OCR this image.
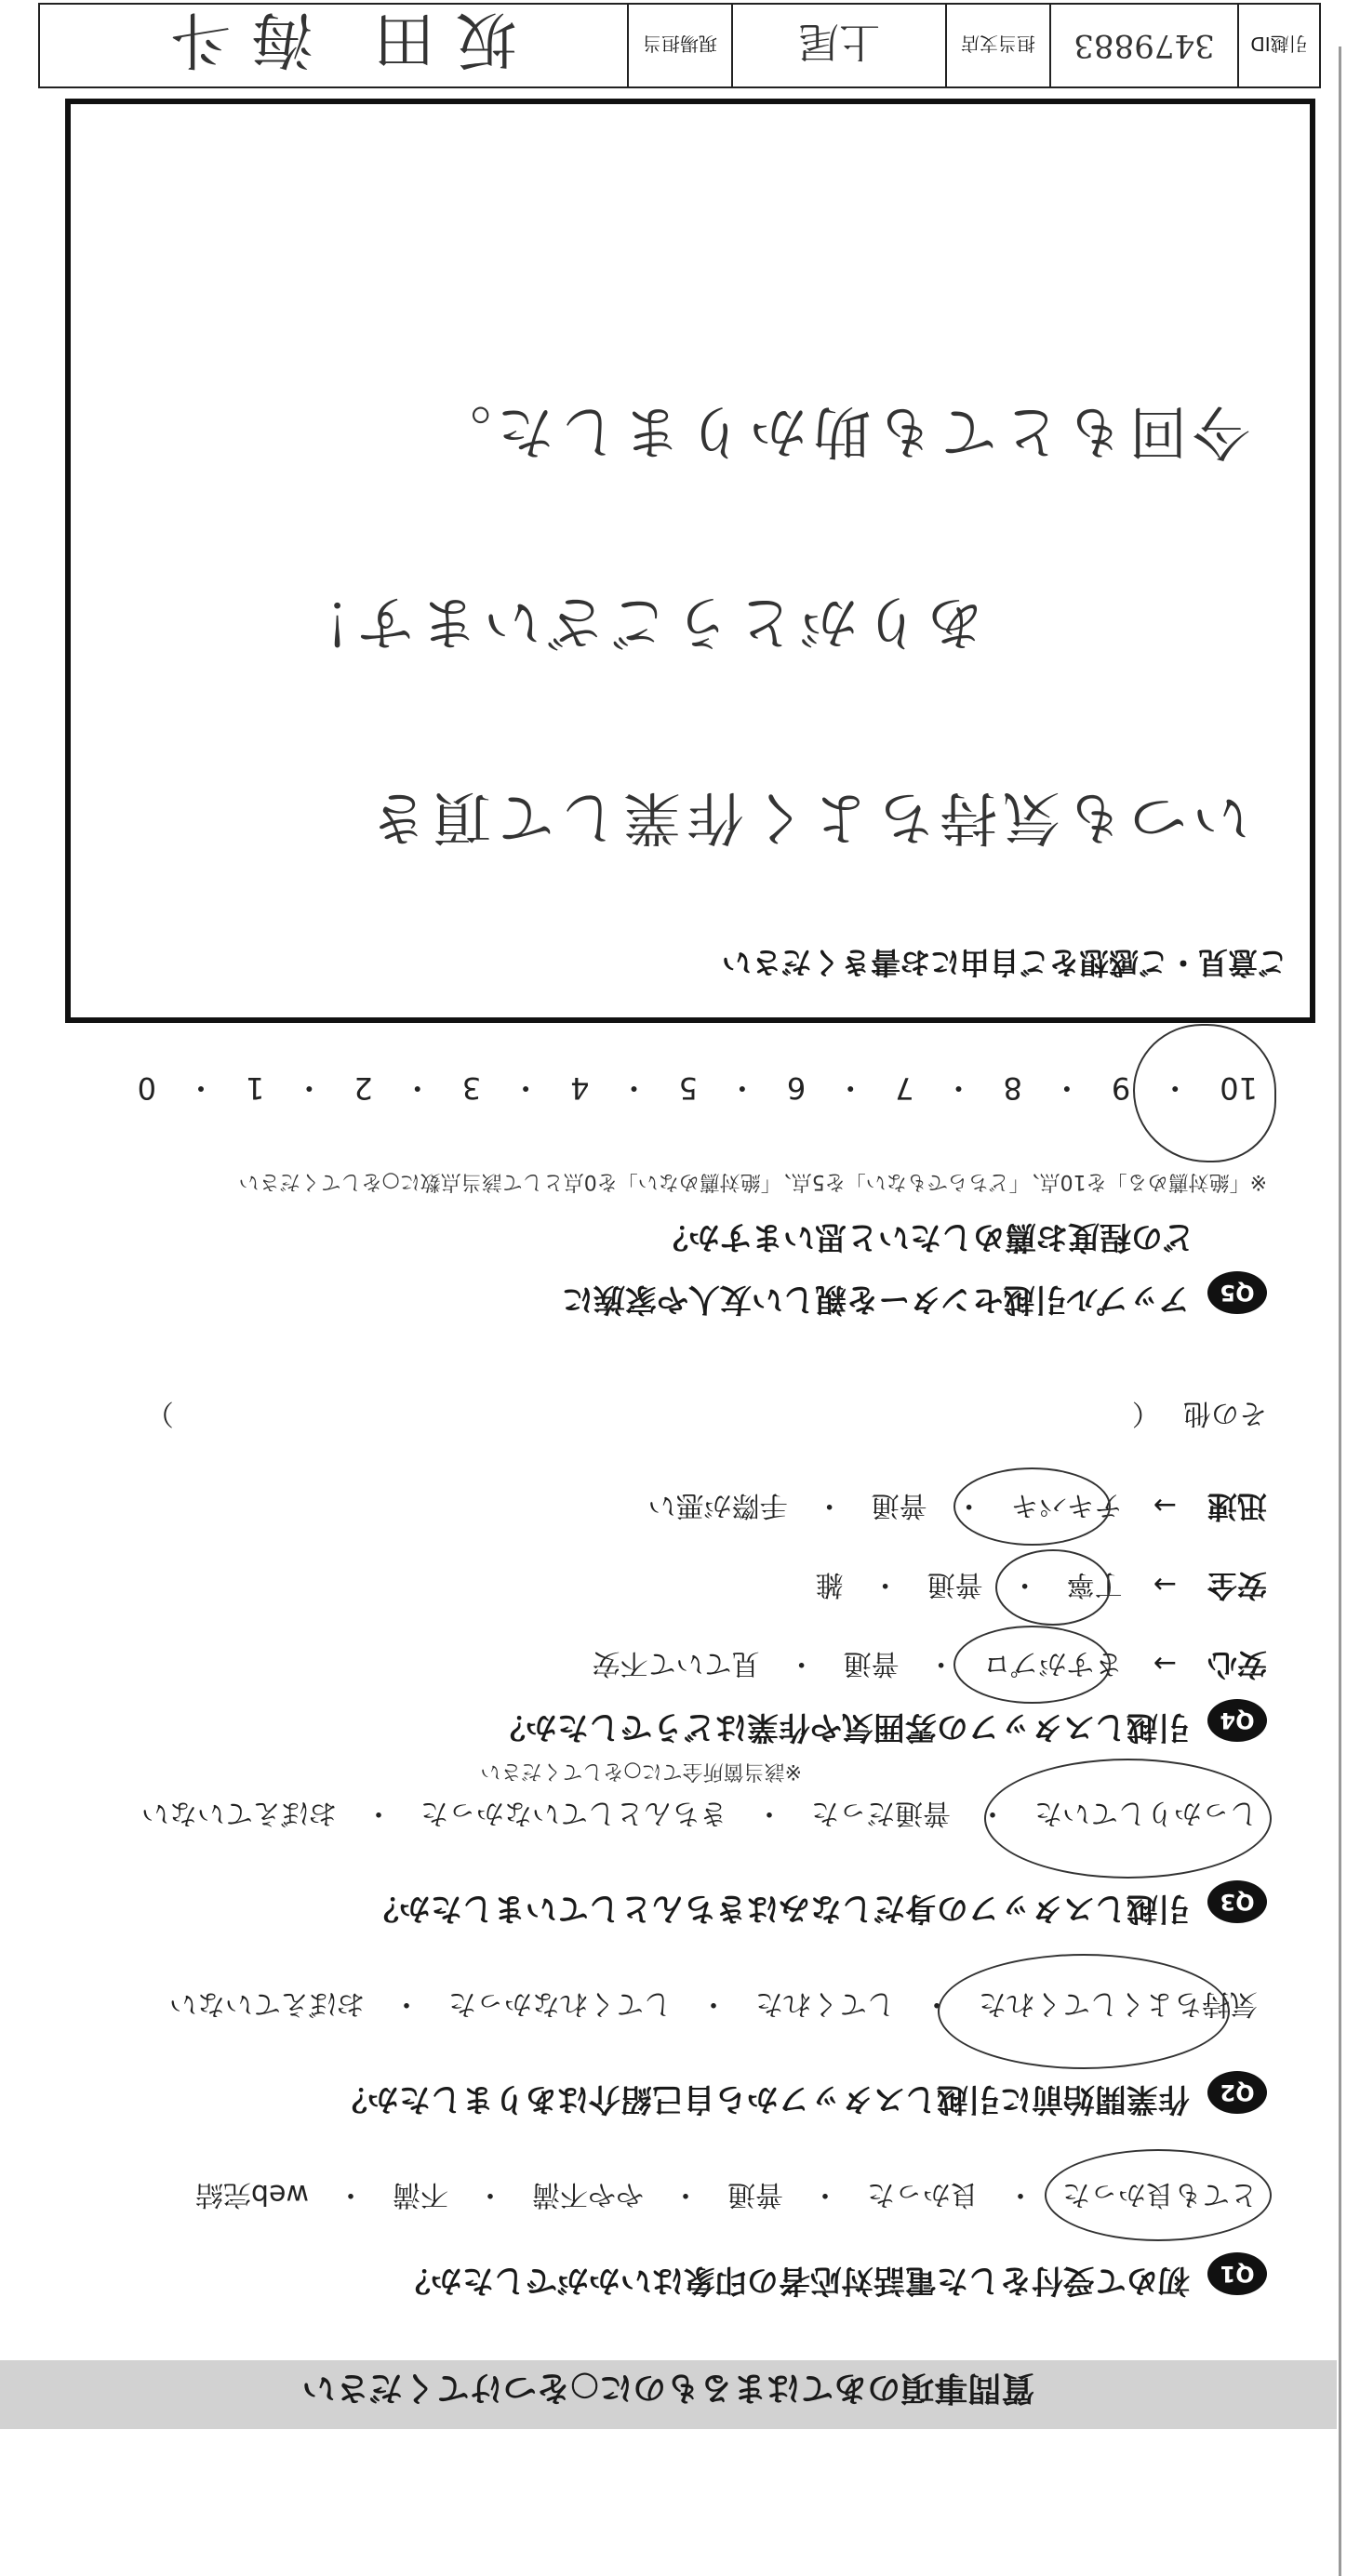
質問事項のあてはまるものに○をつけてください
Q1 初めて受付をした電話対応者の印象はいかがでしたか？
とても良かった　・　良かった　・　普通　・　やや不満　・　不満　・　web完結
Q2 作業開始前に引越しスタッフから自己紹介はありましたか？
気持ちよくしてくれた　・　してくれた　・　してくれなかった　・　おぼえていない
Q3 引越しスタッフの身だしなみはきちんとしていましたか？
しっかりしていた　・　普通だった　・　きちんとしていなかった　・　おぼえていない
Q4 引越しスタッフの雰囲気や作業はどうでしたか？
※該当箇所全てに○をしてください
安心 → さすがプロ　・　普通　・　見ていて不安
安全 → 丁寧　・　普通　・　雑
迅速 → テキパキ　・　普通　・　手際が悪い
その他 （  ）
Q5 アップル引越センターを親しい友人や家族に
どの程度お薦めしたいと思いますか？
※「絶対薦める」を10点、「どちらでもない」を5点、「絶対薦めない」を0点として該当点数に○をしてください
10　・　9　・　8　・　7　・　6　・　5　・　4　・　3　・　2　・　1　・　0
ご意見・ご感想をご自由にお書きください
いつも気持ちよく作業して頂き
ありがとうございます！
今回もとても助かりました。
引越ID
3479883
担当支店
上尾
現場担当
坂田 海斗
